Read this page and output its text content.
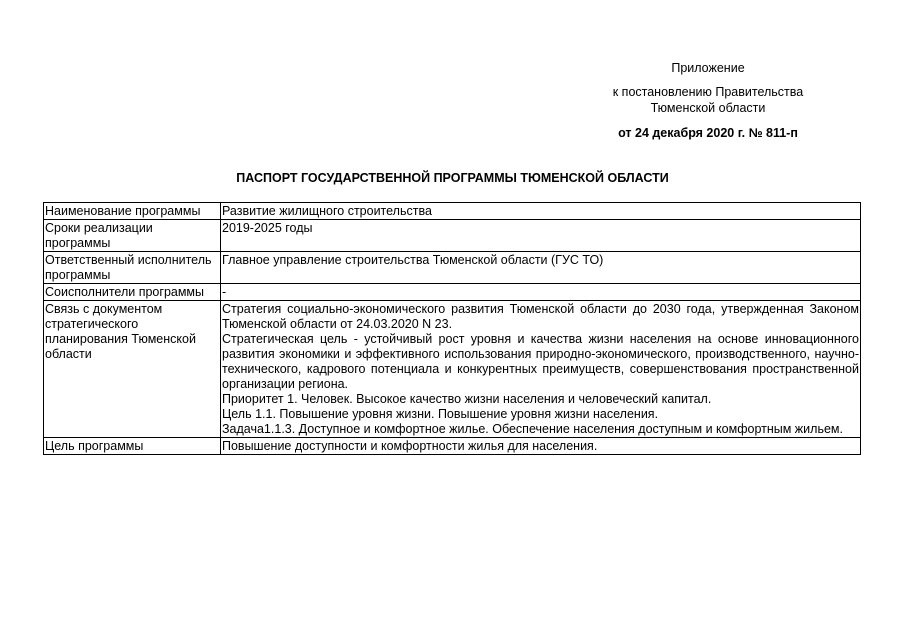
Приложение
к постановлению Правительства
Тюменской области
от 24 декабря 2020 г. № 811-п
ПАСПОРТ ГОСУДАРСТВЕННОЙ ПРОГРАММЫ ТЮМЕНСКОЙ ОБЛАСТИ
Наименование программы	Развитие жилищного строительства

Сроки реализации программы	2019-2025 годы

Ответственный исполнитель программы	Главное управление строительства Тюменской области (ГУС ТО)

Соисполнители программы	-

Связь с документом стратегического планирования Тюменской области	Стратегия социально-экономического развития Тюменской области до 2030 года, утвержденная Законом Тюменской области от 24.03.2020 N 23.
Стратегическая цель - устойчивый рост уровня и качества жизни населения на основе инновационного развития экономики и эффективного использования природно-экономического, производственного, научно-технического, кадрового потенциала и конкурентных преимуществ, совершенствования пространственной организации региона.
Приоритет 1. Человек. Высокое качество жизни населения и человеческий капитал.
Цель 1.1. Повышение уровня жизни. Повышение уровня жизни населения.
Задача1.1.3. Доступное и комфортное жилье. Обеспечение населения доступным и комфортным жильем.

Цель программы	Повышение доступности и комфортности жилья для населения.
